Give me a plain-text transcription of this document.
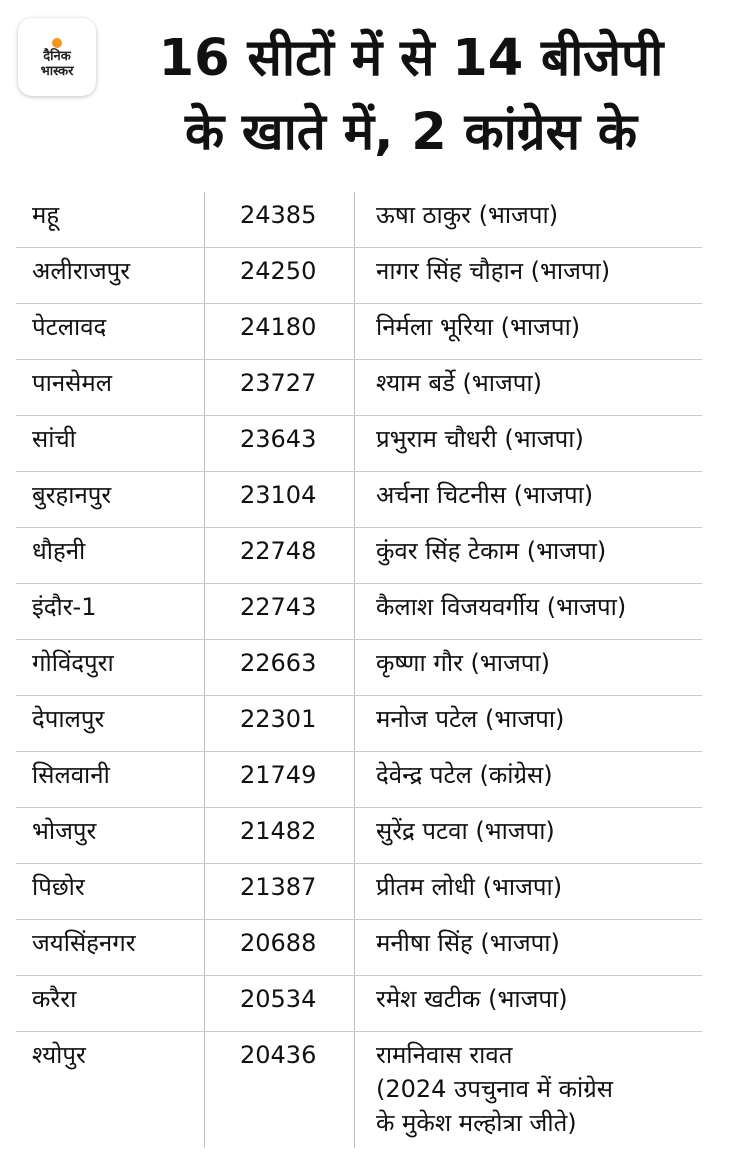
दैनिक
भास्कर	16 सीटों में से 14 बीजेपी
के खाते में, 2 कांग्रेस के
महू	24385	ऊषा ठाकुर (भाजपा)
अलीराजपुर	24250	नागर सिंह चौहान (भाजपा)
पेटलावद	24180	निर्मला भूरिया (भाजपा)
पानसेमल	23727	श्याम बर्डे (भाजपा)
सांची	23643	प्रभुराम चौधरी (भाजपा)
बुरहानपुर	23104	अर्चना चिटनीस (भाजपा)
धौहनी	22748	कुंवर सिंह टेकाम (भाजपा)
इंदौर-1	22743	कैलाश विजयवर्गीय (भाजपा)
गोविंदपुरा	22663	कृष्णा गौर (भाजपा)
देपालपुर	22301	मनोज पटेल (भाजपा)
सिलवानी	21749	देवेन्द्र पटेल (कांग्रेस)
भोजपुर	21482	सुरेंद्र पटवा (भाजपा)
पिछोर	21387	प्रीतम लोधी (भाजपा)
जयसिंहनगर	20688	मनीषा सिंह (भाजपा)
करैरा	20534	रमेश खटीक (भाजपा)
श्योपुर	20436	रामनिवास रावत
(2024 उपचुनाव में कांग्रेस
के मुकेश मल्होत्रा जीते)
